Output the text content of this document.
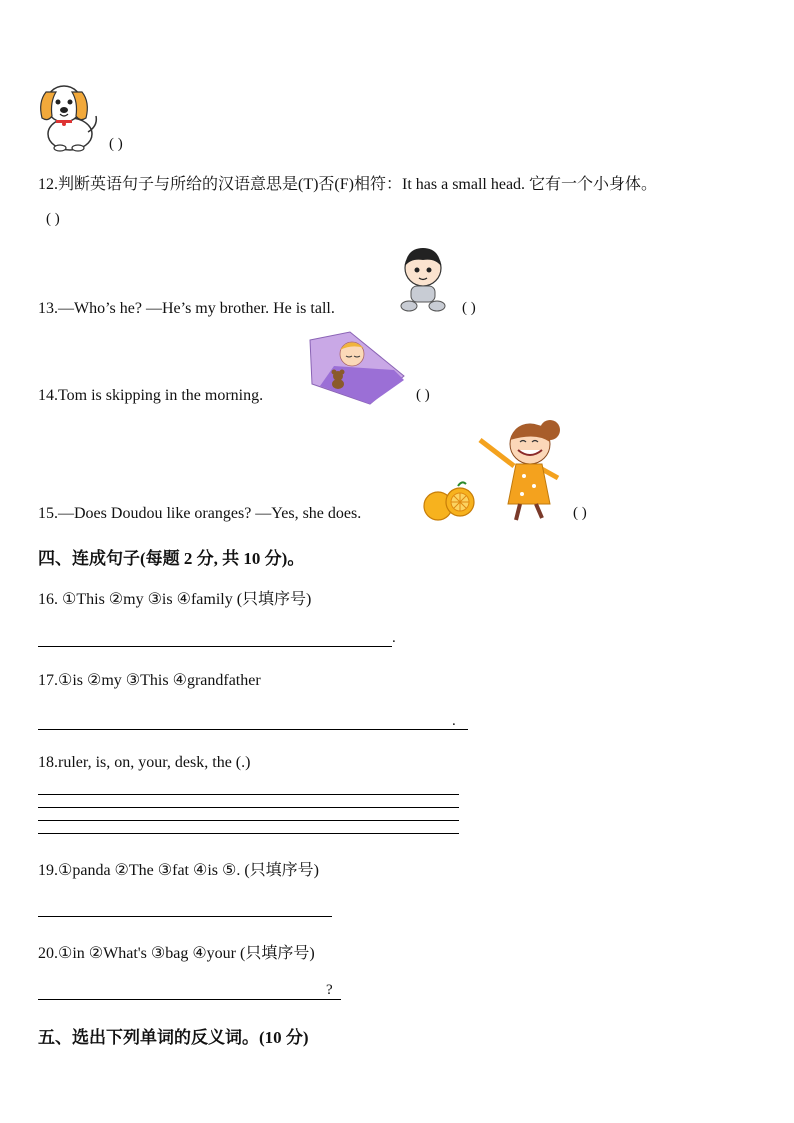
( )
12.判断英语句子与所给的汉语意思是(T)否(F)相符：It has a small head. 它有一个小身体。
( )
13.—Who’s he? —He’s my brother. He is tall.	( )
14.Tom is skipping in the morning.	( )
15.—Does Doudou like oranges? —Yes, she does.	( )
四、连成句子(每题 2 分, 共 10 分)。
16. ①This ②my ③is ④family (只填序号)
.
17.①is ②my ③This ④grandfather
.
18.ruler, is, on, your, desk, the (.)
19.①panda ②The ③fat ④is ⑤. (只填序号)
20.①in ②What's ③bag ④your (只填序号)
?
五、选出下列单词的反义词。(10 分)
